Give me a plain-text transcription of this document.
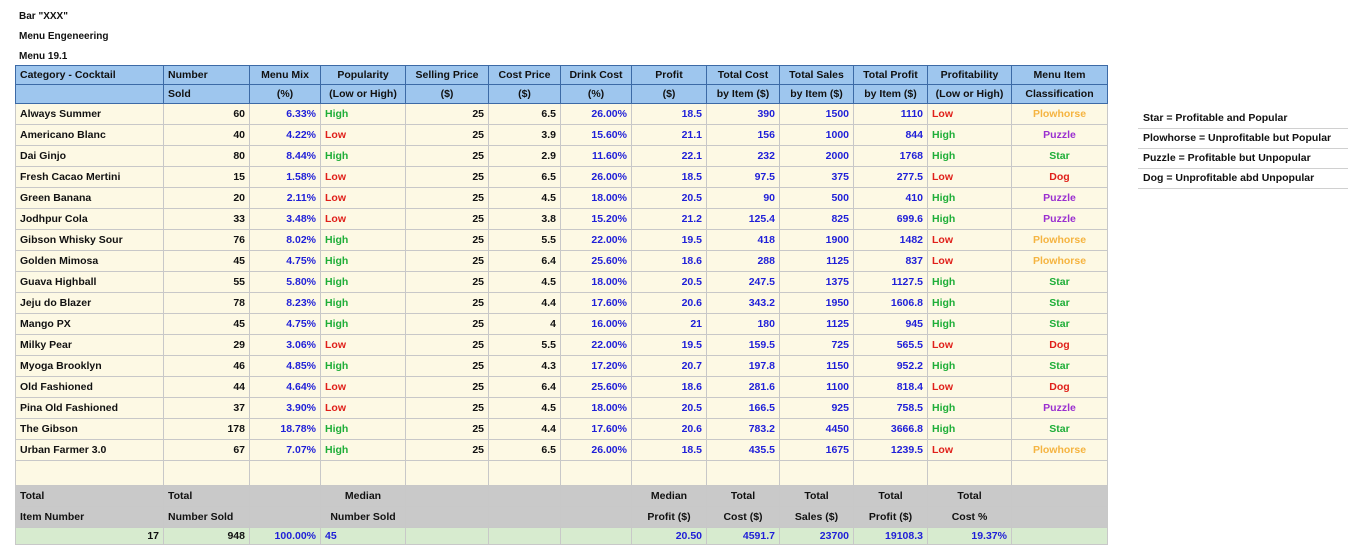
Bar "XXX"
Menu Engeneering
Menu 19.1
Category - Cocktail	Number	Menu Mix	Popularity	Selling Price	Cost Price	Drink Cost	Profit	Total Cost	Total Sales	Total Profit	Profitability	Menu Item
	Sold	(%)	(Low or High)	($)	($)	(%)	($)	by Item ($)	by Item ($)	by Item ($)	(Low or High)	Classification
Always Summer	60	6.33%	High	25	6.5	26.00%	18.5	390	1500	1110	Low	Plowhorse
Americano Blanc	40	4.22%	Low	25	3.9	15.60%	21.1	156	1000	844	High	Puzzle
Dai Ginjo	80	8.44%	High	25	2.9	11.60%	22.1	232	2000	1768	High	Star
Fresh Cacao Mertini	15	1.58%	Low	25	6.5	26.00%	18.5	97.5	375	277.5	Low	Dog
Green Banana	20	2.11%	Low	25	4.5	18.00%	20.5	90	500	410	High	Puzzle
Jodhpur Cola	33	3.48%	Low	25	3.8	15.20%	21.2	125.4	825	699.6	High	Puzzle
Gibson Whisky Sour	76	8.02%	High	25	5.5	22.00%	19.5	418	1900	1482	Low	Plowhorse
Golden Mimosa	45	4.75%	High	25	6.4	25.60%	18.6	288	1125	837	Low	Plowhorse
Guava Highball	55	5.80%	High	25	4.5	18.00%	20.5	247.5	1375	1127.5	High	Star
Jeju do Blazer	78	8.23%	High	25	4.4	17.60%	20.6	343.2	1950	1606.8	High	Star
Mango PX	45	4.75%	High	25	4	16.00%	21	180	1125	945	High	Star
Milky Pear	29	3.06%	Low	25	5.5	22.00%	19.5	159.5	725	565.5	Low	Dog
Myoga Brooklyn	46	4.85%	High	25	4.3	17.20%	20.7	197.8	1150	952.2	High	Star
Old Fashioned	44	4.64%	Low	25	6.4	25.60%	18.6	281.6	1100	818.4	Low	Dog
Pina Old Fashioned	37	3.90%	Low	25	4.5	18.00%	20.5	166.5	925	758.5	High	Puzzle
The Gibson	178	18.78%	High	25	4.4	17.60%	20.6	783.2	4450	3666.8	High	Star
Urban Farmer 3.0	67	7.07%	High	25	6.5	26.00%	18.5	435.5	1675	1239.5	Low	Plowhorse

Total	Total		Median				Median	Total	Total	Total	Total	
Item Number	Number Sold		Number Sold				Profit ($)	Cost ($)	Sales ($)	Profit ($)	Cost %	
17	948	100.00%	45				20.50	4591.7	23700	19108.3	19.37%	
Star = Profitable and Popular
Plowhorse = Unprofitable but Popular
Puzzle = Profitable but Unpopular
Dog = Unprofitable abd Unpopular
